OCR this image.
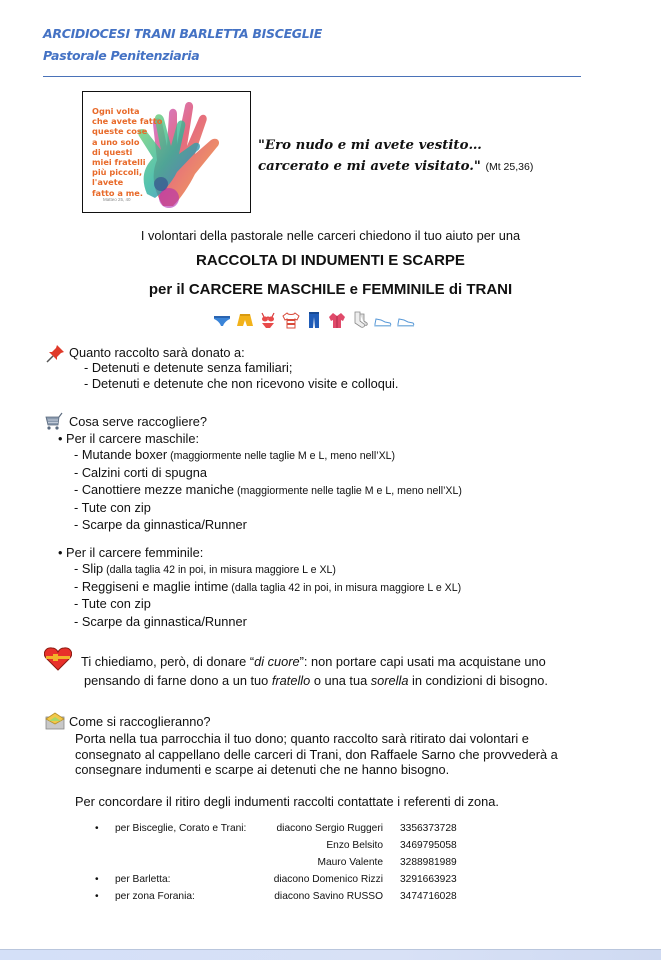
ARCIDIOCESI TRANI BARLETTA BISCEGLIE
Pastorale Penitenziaria
Ogni volta
che avete fatto
queste cose
a uno solo
di questi
miei fratelli
più piccoli,
l'avete
fatto a me.
Matteo 25, 40
"Ero nudo e mi avete vestito…
carcerato e mi avete visitato." (Mt 25,36)
I volontari della pastorale nelle carceri chiedono il tuo aiuto per una
RACCOLTA DI INDUMENTI E SCARPE
per il CARCERE MASCHILE e FEMMINILE di TRANI
Quanto raccolto sarà donato a:
- Detenuti e detenute senza familiari;
- Detenuti e detenute che non ricevono visite e colloqui.
Cosa serve raccogliere?
• Per il carcere maschile:
- Mutande boxer (maggiormente nelle taglie M e L, meno nell’XL)
- Calzini corti di spugna
- Canottiere mezze maniche (maggiormente nelle taglie M e L, meno nell’XL)
- Tute con zip
- Scarpe da ginnastica/Runner
• Per il carcere femminile:
- Slip (dalla taglia 42 in poi, in misura maggiore L e XL)
- Reggiseni e maglie intime (dalla taglia 42 in poi, in misura maggiore L e XL)
- Tute con zip
- Scarpe da ginnastica/Runner
Ti chiediamo, però, di donare “di cuore”: non portare capi usati ma acquistane uno
pensando di farne dono a un tuo fratello o una tua sorella in condizioni di bisogno.
Come si raccoglieranno?
Porta nella tua parrocchia il tuo dono; quanto raccolto sarà ritirato dai volontari e
consegnato al cappellano delle carceri di Trani, don Raffaele Sarno che provvederà a
consegnare indumenti e scarpe ai detenuti che ne hanno bisogno.
Per concordare il ritiro degli indumenti raccolti contattate i referenti di zona.
• per Bisceglie, Corato e Trani:	diacono Sergio Ruggeri 3356373728
Enzo Belsito 3469795058
Mauro Valente 3288981989
• per Barletta:	diacono Domenico Rizzi 3291663923
• per zona Forania:	diacono Savino RUSSO 3474716028
